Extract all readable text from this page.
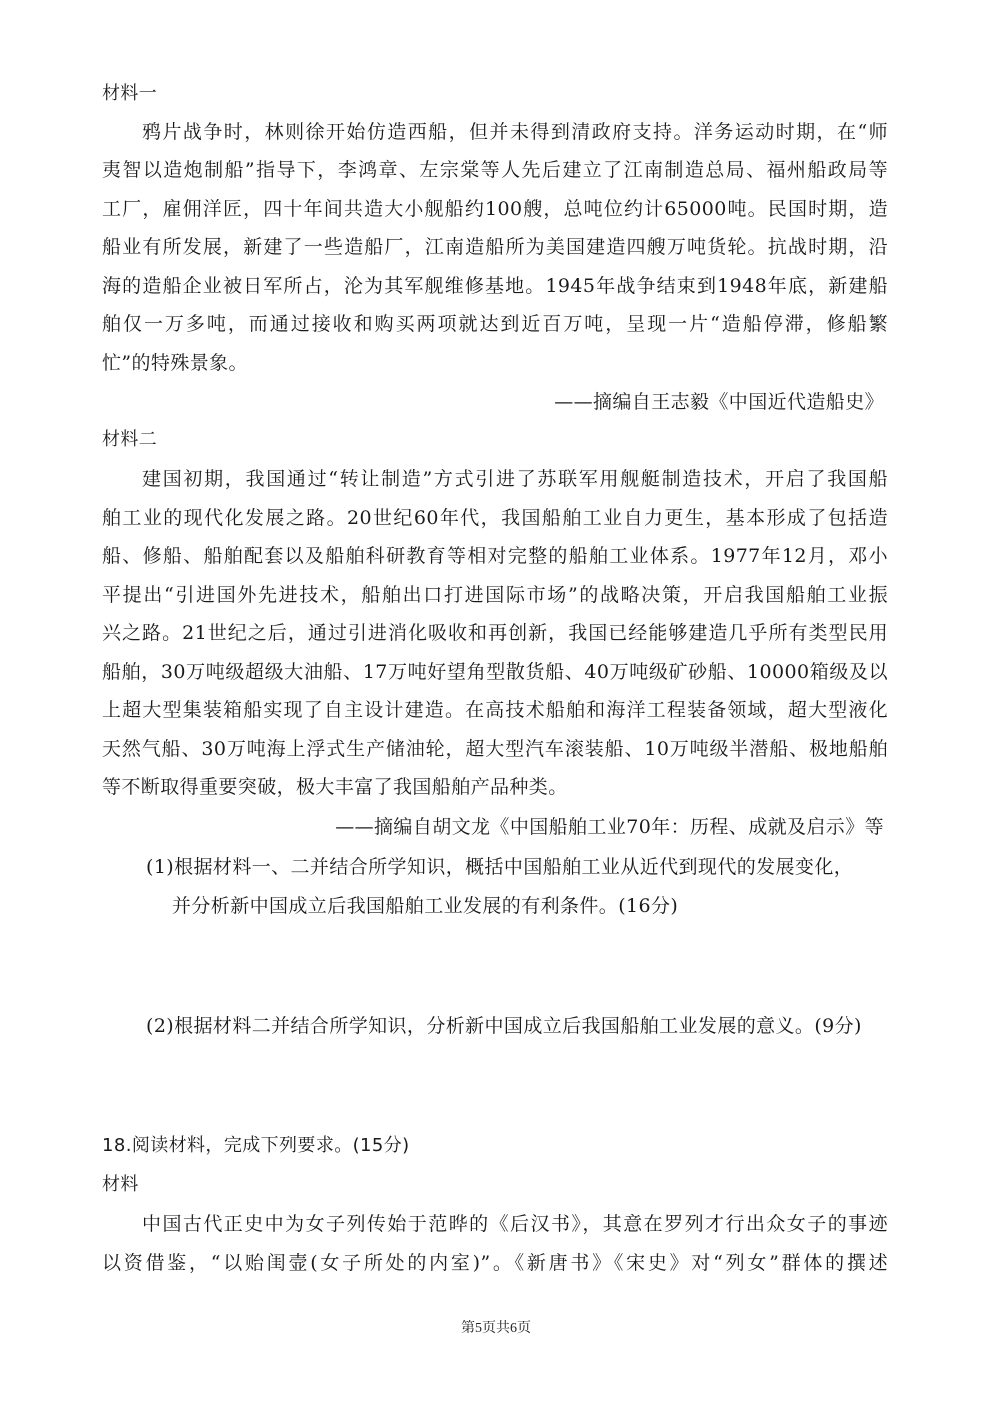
材料一
鸦片战争时，林则徐开始仿造西船，但并未得到清政府支持。洋务运动时期，在“师
夷智以造炮制船”指导下，李鸿章、左宗棠等人先后建立了江南制造总局、福州船政局等
工厂，雇佣洋匠，四十年间共造大小舰船约100艘，总吨位约计65000吨。民国时期，造
船业有所发展，新建了一些造船厂，江南造船所为美国建造四艘万吨货轮。抗战时期，沿
海的造船企业被日军所占，沦为其军舰维修基地。1945年战争结束到1948年底，新建船
舶仅一万多吨，而通过接收和购买两项就达到近百万吨，呈现一片“造船停滞，修船繁
忙”的特殊景象。
——摘编自王志毅《中国近代造船史》
材料二
建国初期，我国通过“转让制造”方式引进了苏联军用舰艇制造技术，开启了我国船
舶工业的现代化发展之路。20世纪60年代，我国船舶工业自力更生，基本形成了包括造
船、修船、船舶配套以及船舶科研教育等相对完整的船舶工业体系。1977年12月，邓小
平提出“引进国外先进技术，船舶出口打进国际市场”的战略决策，开启我国船舶工业振
兴之路。21世纪之后，通过引进消化吸收和再创新，我国已经能够建造几乎所有类型民用
船舶，30万吨级超级大油船、17万吨好望角型散货船、40万吨级矿砂船、10000箱级及以
上超大型集装箱船实现了自主设计建造。在高技术船舶和海洋工程装备领域，超大型液化
天然气船、30万吨海上浮式生产储油轮，超大型汽车滚装船、10万吨级半潜船、极地船舶
等不断取得重要突破，极大丰富了我国船舶产品种类。
——摘编自胡文龙《中国船舶工业70年：历程、成就及启示》等
(1)根据材料一、二并结合所学知识，概括中国船舶工业从近代到现代的发展变化，
并分析新中国成立后我国船舶工业发展的有利条件。(16分)
(2)根据材料二并结合所学知识，分析新中国成立后我国船舶工业发展的意义。(9分)
18.阅读材料，完成下列要求。(15分)
材料
中国古代正史中为女子列传始于范晔的《后汉书》，其意在罗列才行出众女子的事迹
以资借鉴，“以贻闺壸(女子所处的内室)”。《新唐书》《宋史》对“列女”群体的撰述
第5页共6页
